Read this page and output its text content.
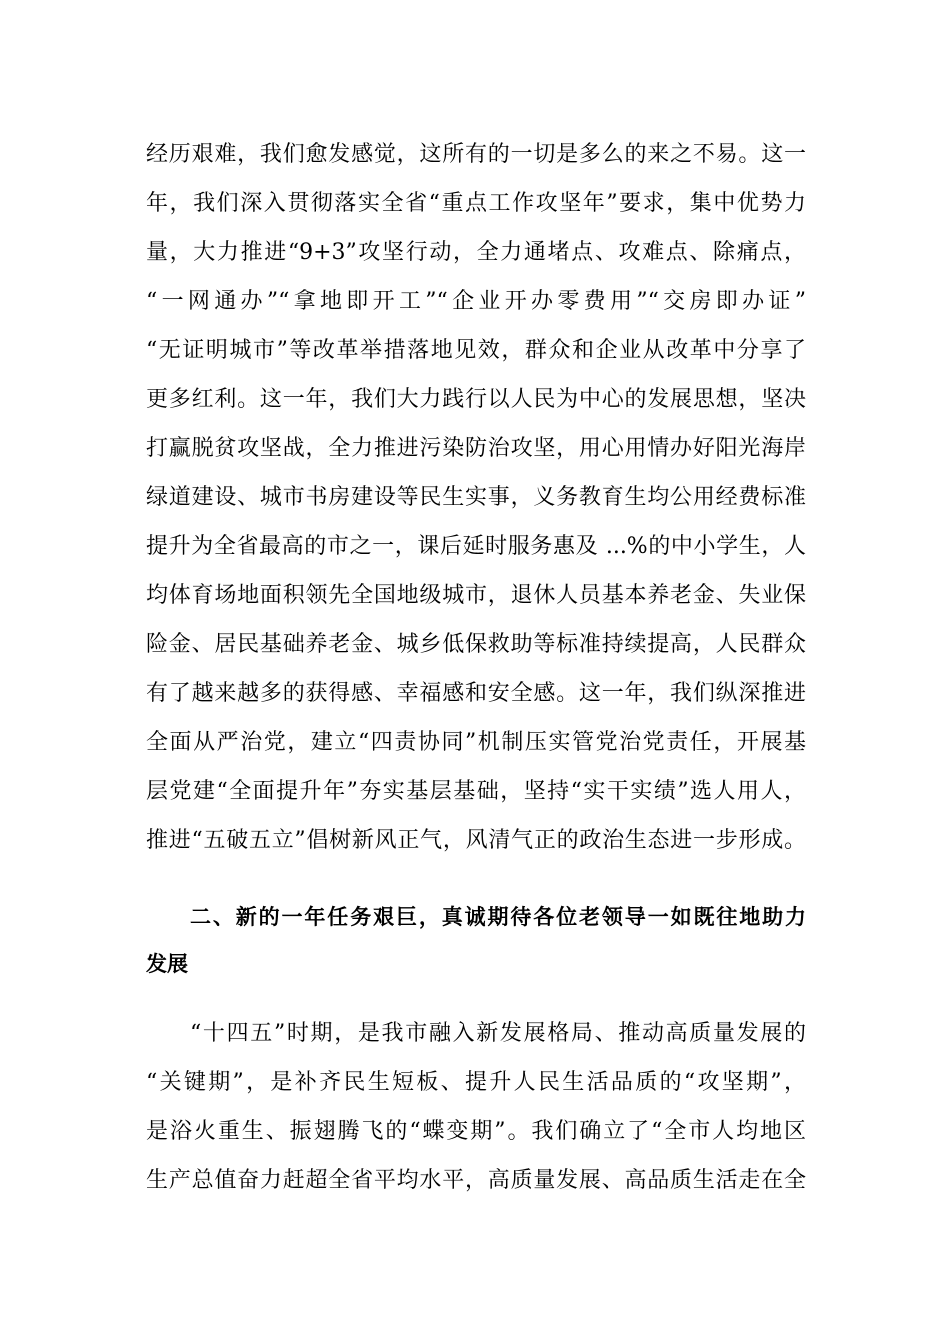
经历艰难，我们愈发感觉，这所有的一切是多么的来之不易。这一
年，我们深入贯彻落实全省“重点工作攻坚年”要求，集中优势力
量，大力推进“9+3”攻坚行动，全力通堵点、攻难点、除痛点，
“一网通办”“拿地即开工”“企业开办零费用”“交房即办证”
“无证明城市”等改革举措落地见效，群众和企业从改革中分享了
更多红利。这一年，我们大力践行以人民为中心的发展思想，坚决
打赢脱贫攻坚战，全力推进污染防治攻坚，用心用情办好阳光海岸
绿道建设、城市书房建设等民生实事，义务教育生均公用经费标准
提升为全省最高的市之一，课后延时服务惠及 ...%的中小学生，人
均体育场地面积领先全国地级城市，退休人员基本养老金、失业保
险金、居民基础养老金、城乡低保救助等标准持续提高，人民群众
有了越来越多的获得感、幸福感和安全感。这一年，我们纵深推进
全面从严治党，建立“四责协同”机制压实管党治党责任，开展基
层党建“全面提升年”夯实基层基础，坚持“实干实绩”选人用人，
推进“五破五立”倡树新风正气，风清气正的政治生态进一步形成。
二、新的一年任务艰巨，真诚期待各位老领导一如既往地助力
发展
“十四五”时期，是我市融入新发展格局、推动高质量发展的
“关键期”，是补齐民生短板、提升人民生活品质的“攻坚期”，
是浴火重生、振翅腾飞的“蝶变期”。我们确立了“全市人均地区
生产总值奋力赶超全省平均水平，高质量发展、高品质生活走在全
